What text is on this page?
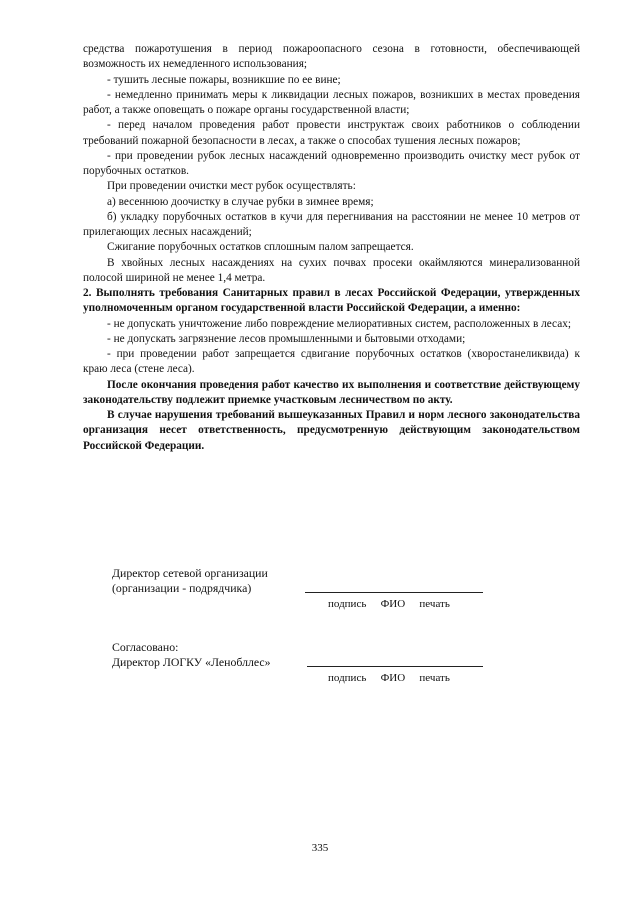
средства пожаротушения в период пожароопасного сезона в готовности, обеспечивающей возможность их немедленного использования;

- тушить лесные пожары, возникшие по ее вине;

- немедленно принимать меры к ликвидации лесных пожаров, возникших в местах проведения работ, а также оповещать о пожаре органы государственной власти;

- перед началом проведения работ провести инструктаж своих работников о соблюдении требований пожарной безопасности в лесах, а также о способах тушения лесных пожаров;

- при проведении рубок лесных насаждений одновременно производить очистку мест рубок от порубочных остатков.

При проведении очистки мест рубок осуществлять:

а) весеннюю доочистку в случае рубки в зимнее время;

б) укладку порубочных остатков в кучи для перегнивания на расстоянии не менее 10 метров от прилегающих лесных насаждений;

Сжигание порубочных остатков сплошным палом запрещается.

В хвойных лесных насаждениях на сухих почвах просеки окаймляются минерализованной полосой шириной не менее 1,4 метра.

2. Выполнять требования Санитарных правил в лесах Российской Федерации, утвержденных уполномоченным органом государственной власти Российской Федерации, а именно:

- не допускать уничтожение либо повреждение мелиоративных систем, расположенных в лесах;

- не допускать загрязнение лесов промышленными и бытовыми отходами;

- при проведении работ запрещается сдвигание порубочных остатков (хворостанеликвида) к краю леса (стене леса).

После окончания проведения работ качество их выполнения и соответствие действующему законодательству подлежит приемке участковым лесничеством по акту.

В случае нарушения требований вышеуказанных Правил и норм лесного законодательства организация несет ответственность, предусмотренную действующим законодательством Российской Федерации.

Директор сетевой организации
(организации - подрядчика)
подпись   ФИО   печать
Согласовано:
Директор ЛОГКУ «Ленобллес»
подпись   ФИО   печать
335
